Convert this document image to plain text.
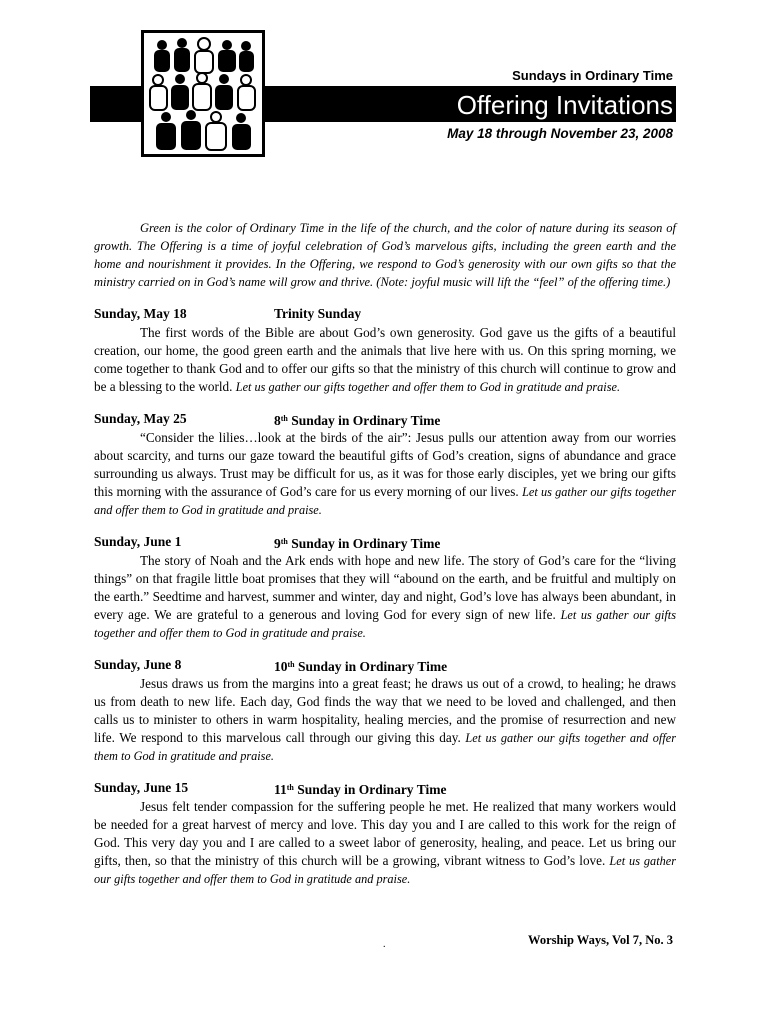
Sundays in Ordinary Time
Offering Invitations
May 18 through November 23, 2008

Green is the color of Ordinary Time in the life of the church, and the color of nature during its season of growth. The Offering is a time of joyful celebration of God’s marvelous gifts, including the green earth and the home and nourishment it provides. In the Offering, we respond to God’s generosity with our own gifts so that the ministry carried on in God’s name will grow and thrive. (Note: joyful music will lift the “feel” of the offering time.)

Sunday, May 18	Trinity Sunday

The first words of the Bible are about God’s own generosity. God gave us the gifts of a beautiful creation, our home, the good green earth and the animals that live here with us. On this spring morning, we come together to thank God and to offer our gifts so that the ministry of this church will continue to grow and be a blessing to the world. Let us gather our gifts together and offer them to God in gratitude and praise.

Sunday, May 25	8th Sunday in Ordinary Time

“Consider the lilies…look at the birds of the air”: Jesus pulls our attention away from our worries about scarcity, and turns our gaze toward the beautiful gifts of God’s creation, signs of abundance and grace surrounding us always. Trust may be difficult for us, as it was for those early disciples, yet we bring our gifts this morning with the assurance of God’s care for us every morning of our lives. Let us gather our gifts together and offer them to God in gratitude and praise.

Sunday, June 1	9th Sunday in Ordinary Time

The story of Noah and the Ark ends with hope and new life. The story of God’s care for the “living things” on that fragile little boat promises that they will “abound on the earth, and be fruitful and multiply on the earth.” Seedtime and harvest, summer and winter, day and night, God’s love has always been abundant, in every age. We are grateful to a generous and loving God for every sign of new life. Let us gather our gifts together and offer them to God in gratitude and praise.

Sunday, June 8	10th Sunday in Ordinary Time

Jesus draws us from the margins into a great feast; he draws us out of a crowd, to healing; he draws us from death to new life. Each day, God finds the way that we need to be loved and challenged, and then calls us to minister to others in warm hospitality, healing mercies, and the promise of resurrection and new life. We respond to this marvelous call through our giving this day. Let us gather our gifts together and offer them to God in gratitude and praise.

Sunday, June 15	11th Sunday in Ordinary Time

Jesus felt tender compassion for the suffering people he met. He realized that many workers would be needed for a great harvest of mercy and love. This day you and I are called to this work for the reign of God. This very day you and I are called to a sweet labor of generosity, healing, and peace. Let us bring our gifts, then, so that the ministry of this church will be a growing, vibrant witness to God’s love. Let us gather our gifts together and offer them to God in gratitude and praise.

.	Worship Ways, Vol 7, No. 3
